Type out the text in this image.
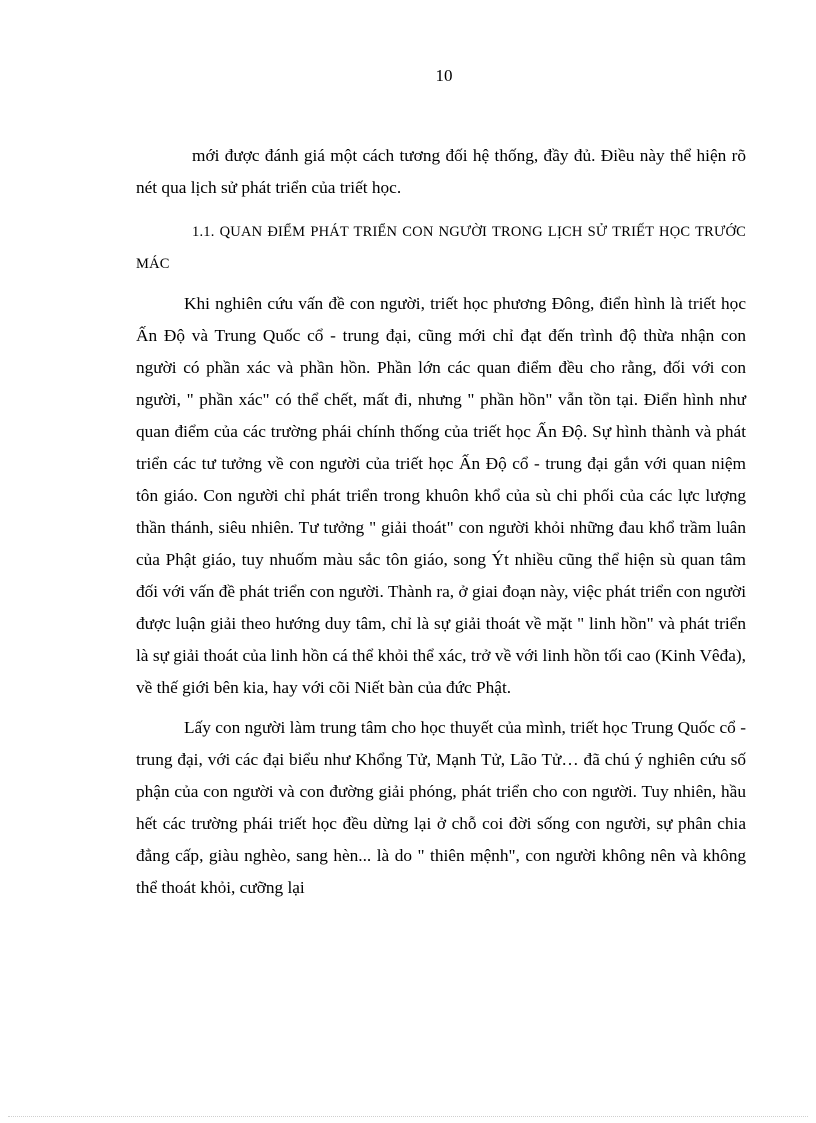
10

mới được đánh giá một cách tương đối hệ thống, đầy đủ. Điều này thể hiện rõ nét qua lịch sử phát triển của triết học.

1.1. QUAN ĐIỂM PHÁT TRIỂN CON NGƯỜI TRONG LỊCH SỬ TRIẾT HỌC TRƯỚC MÁC

Khi nghiên cứu vấn đề con người, triết học phương Đông, điển hình là triết học Ấn Độ và Trung Quốc cổ - trung đại, cũng mới chỉ đạt đến trình độ thừa nhận con người có phần xác và phần hồn. Phần lớn các quan điểm đều cho rằng, đối với con người, " phần xác" có thể chết, mất đi, nhưng " phần hồn" vẫn tồn tại. Điển hình như quan điểm của các trường phái chính thống của triết học Ấn Độ. Sự hình thành và phát triển các tư tưởng về con người của triết học Ấn Độ cổ - trung đại gắn với quan niệm tôn giáo. Con người chỉ phát triển trong khuôn khổ của sù chi phối của các lực lượng thần thánh, siêu nhiên. Tư tưởng " giải thoát" con người khỏi những đau khổ trầm luân của Phật giáo, tuy nhuốm màu sắc tôn giáo, song Ýt nhiều cũng thể hiện sù quan tâm đối với vấn đề phát triển con người. Thành ra, ở giai đoạn này, việc phát triển con người được luận giải theo hướng duy tâm, chỉ là sự giải thoát về mặt " linh hồn" và phát triển là sự giải thoát của linh hồn cá thể khỏi thể xác, trở về với linh hồn tối cao (Kinh Vêđa), về thế giới bên kia, hay với cõi Niết bàn của đức Phật.

Lấy con người làm trung tâm cho học thuyết của mình, triết học Trung Quốc cổ - trung đại, với các đại biểu như Khổng Tử, Mạnh Tử, Lão Tử… đã chú ý nghiên cứu số phận của con người và con đường giải phóng, phát triển cho con người. Tuy nhiên, hầu hết các trường phái triết học đều dừng lại ở chỗ coi đời sống con người, sự phân chia đẳng cấp, giàu nghèo, sang hèn... là do " thiên mệnh", con người không nên và không thể thoát khỏi, cưỡng lại
